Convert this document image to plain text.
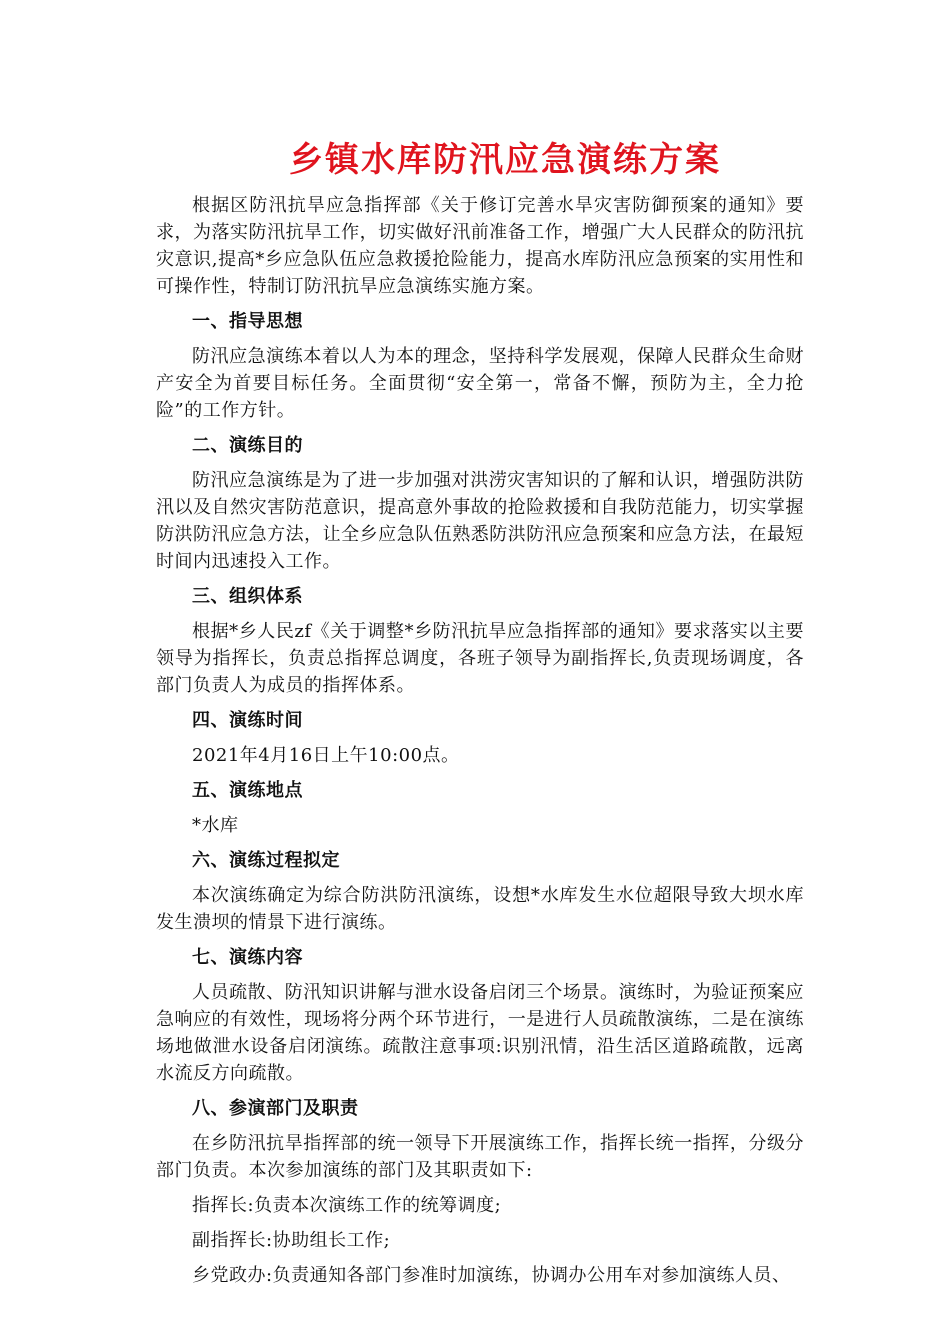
乡镇水库防汛应急演练方案

根据区防汛抗旱应急指挥部《关于修订完善水旱灾害防御预案的通知》要求，为落实防汛抗旱工作，切实做好汛前准备工作，增强广大人民群众的防汛抗灾意识,提高*乡应急队伍应急救援抢险能力，提高水库防汛应急预案的实用性和可操作性，特制订防汛抗旱应急演练实施方案。

一、指导思想

防汛应急演练本着以人为本的理念，坚持科学发展观，保障人民群众生命财产安全为首要目标任务。全面贯彻“安全第一，常备不懈，预防为主，全力抢险”的工作方针。

二、演练目的

防汛应急演练是为了进一步加强对洪涝灾害知识的了解和认识，增强防洪防汛以及自然灾害防范意识，提高意外事故的抢险救援和自我防范能力，切实掌握防洪防汛应急方法，让全乡应急队伍熟悉防洪防汛应急预案和应急方法，在最短时间内迅速投入工作。

三、组织体系

根据*乡人民zf《关于调整*乡防汛抗旱应急指挥部的通知》要求落实以主要领导为指挥长，负责总指挥总调度，各班子领导为副指挥长,负责现场调度，各部门负责人为成员的指挥体系。

四、演练时间

2021年4月16日上午10:00点。

五、演练地点

*水库

六、演练过程拟定

本次演练确定为综合防洪防汛演练，设想*水库发生水位超限导致大坝水库发生溃坝的情景下进行演练。

七、演练内容

人员疏散、防汛知识讲解与泄水设备启闭三个场景。演练时，为验证预案应急响应的有效性，现场将分两个环节进行，一是进行人员疏散演练，二是在演练场地做泄水设备启闭演练。疏散注意事项:识别汛情，沿生活区道路疏散，远离水流反方向疏散。

八、参演部门及职责

在乡防汛抗旱指挥部的统一领导下开展演练工作，指挥长统一指挥，分级分部门负责。本次参加演练的部门及其职责如下:

指挥长:负责本次演练工作的统筹调度;

副指挥长:协助组长工作;

乡党政办:负责通知各部门参准时加演练，协调办公用车对参加演练人员、
